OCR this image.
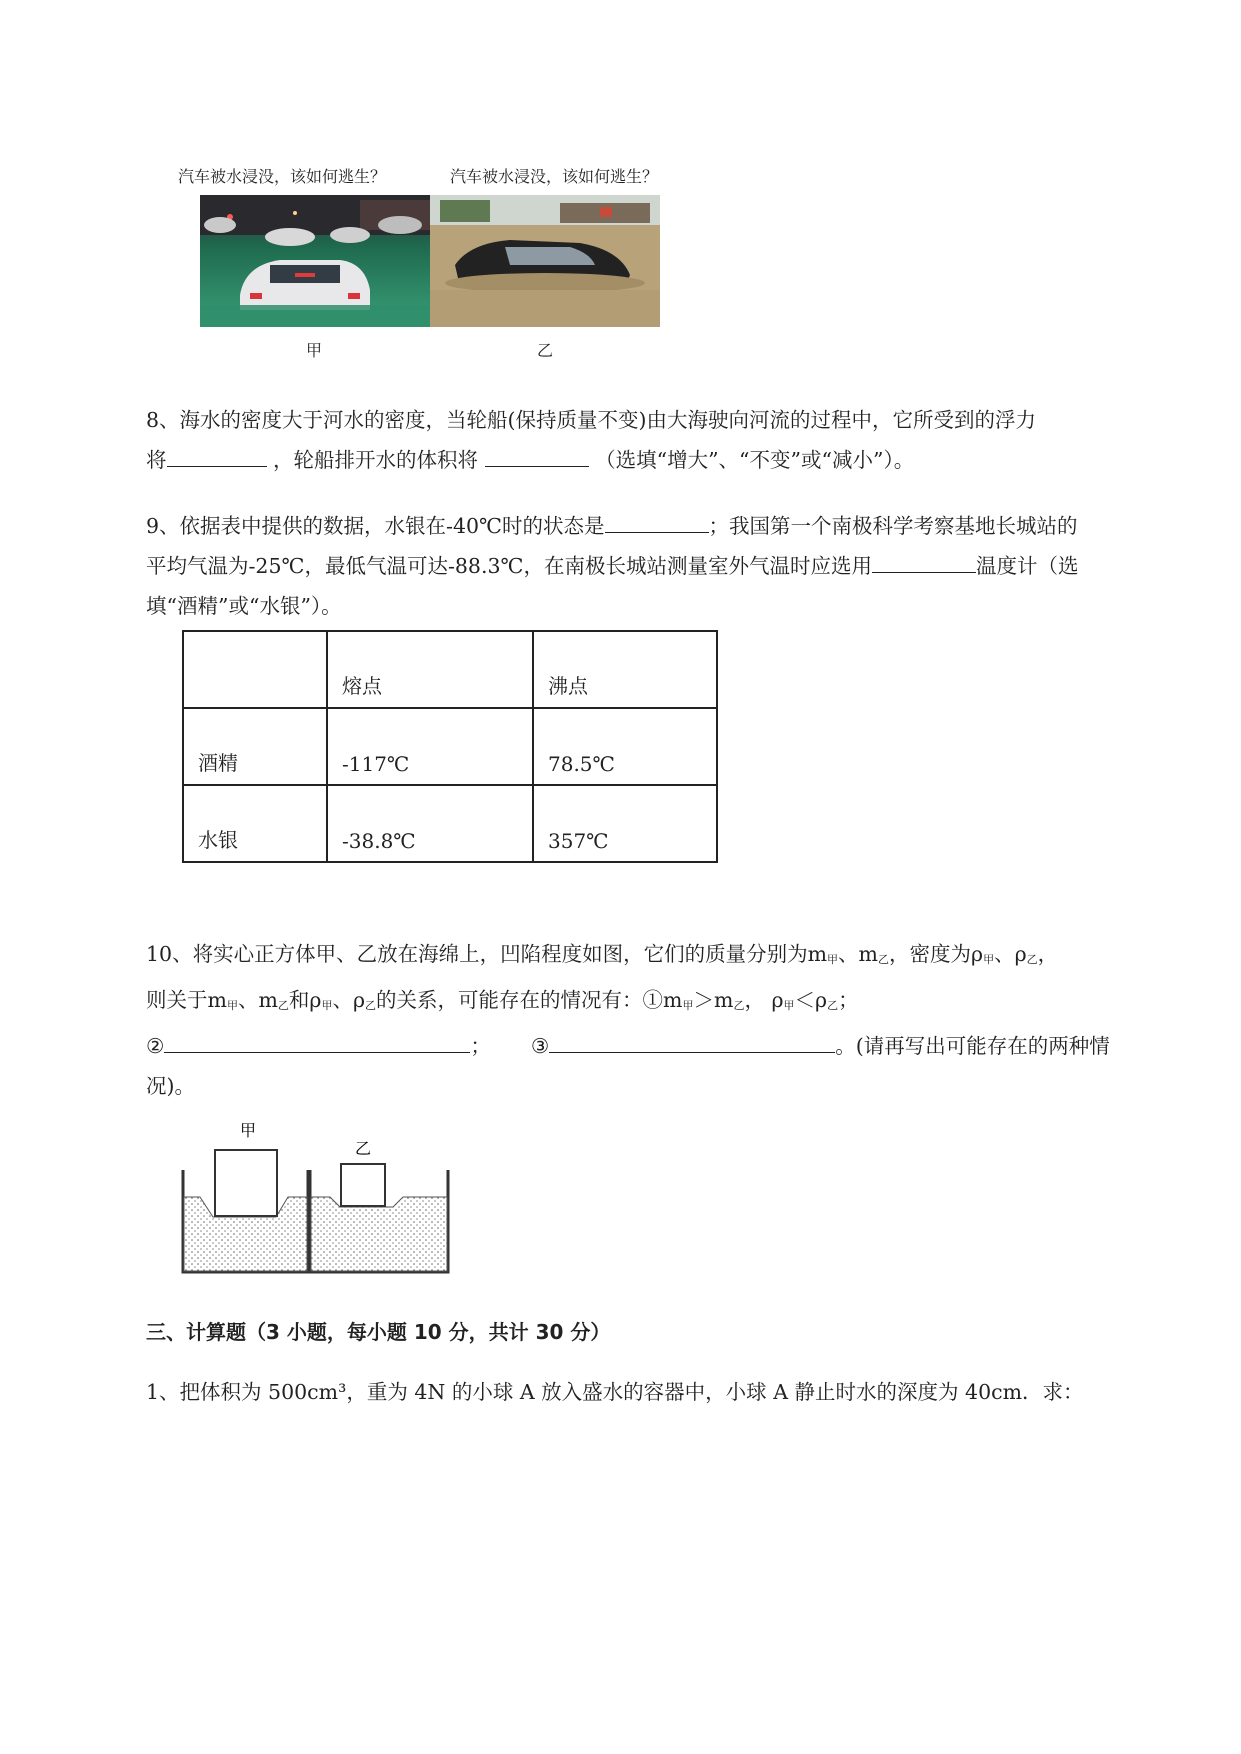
汽车被水浸没，该如何逃生？	汽车被水浸没，该如何逃生？
甲	乙
8、海水的密度大于河水的密度，当轮船(保持质量不变)由大海驶向河流的过程中，它所受到的浮力
将	，轮船排开水的体积将	（选填“增大”、“不变”或“减小”）。
9、依据表中提供的数据，水银在-40℃时的状态是	；我国第一个南极科学考察基地长城站的
平均气温为-25℃，最低气温可达-88.3℃，在南极长城站测量室外气温时应选用	温度计（选
填“酒精”或“水银”）。
	熔点	沸点
酒精	-117℃	78.5℃
水银	-38.8℃	357℃
10、将实心正方体甲、乙放在海绵上，凹陷程度如图，它们的质量分别为m甲、m乙，密度为ρ甲、ρ乙，
则关于m甲、m乙和ρ甲、ρ乙的关系，可能存在的情况有：①m甲＞m乙， ρ甲＜ρ乙；
②	； ③	。(请再写出可能存在的两种情
况)。
甲
乙
三、计算题（3 小题，每小题 10 分，共计 30 分）
1、把体积为 500cm³，重为 4N 的小球 A 放入盛水的容器中，小球 A 静止时水的深度为 40cm．求：
